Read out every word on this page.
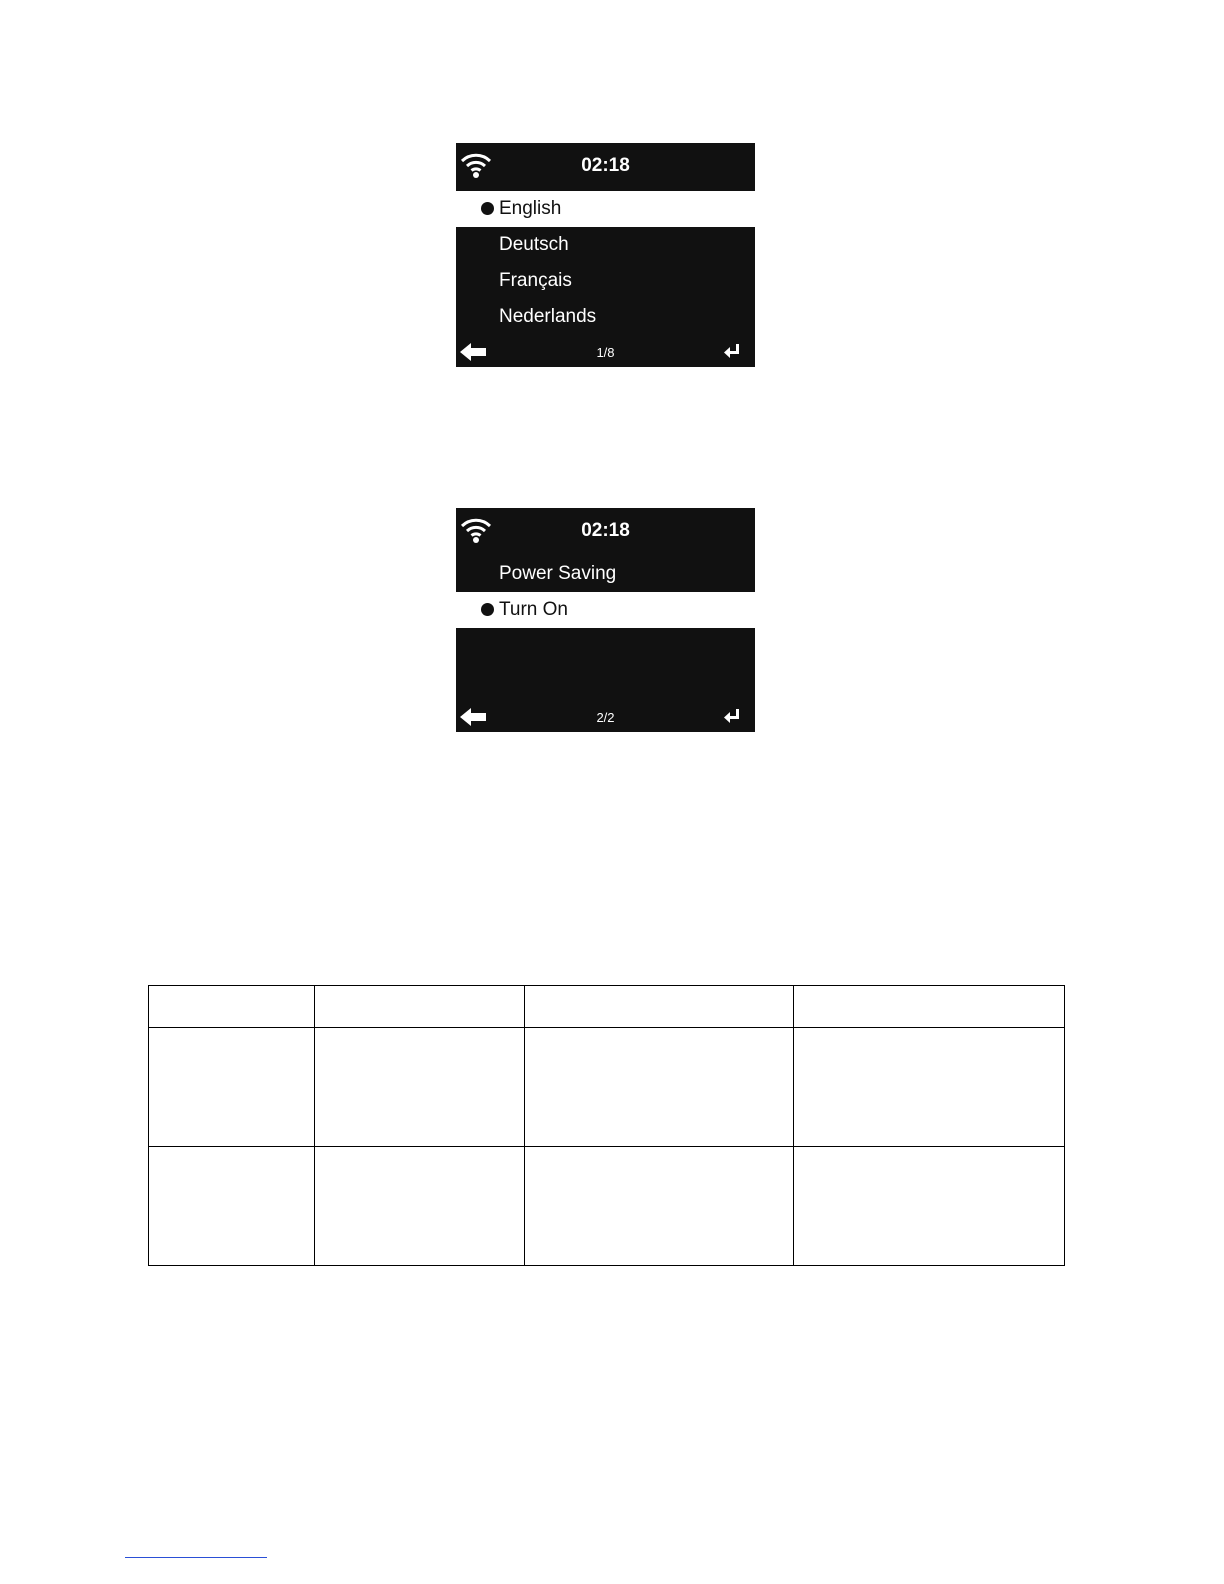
02:18
English
Deutsch
Français
Nederlands
1/8
02:18
Power Saving
Turn On
2/2
